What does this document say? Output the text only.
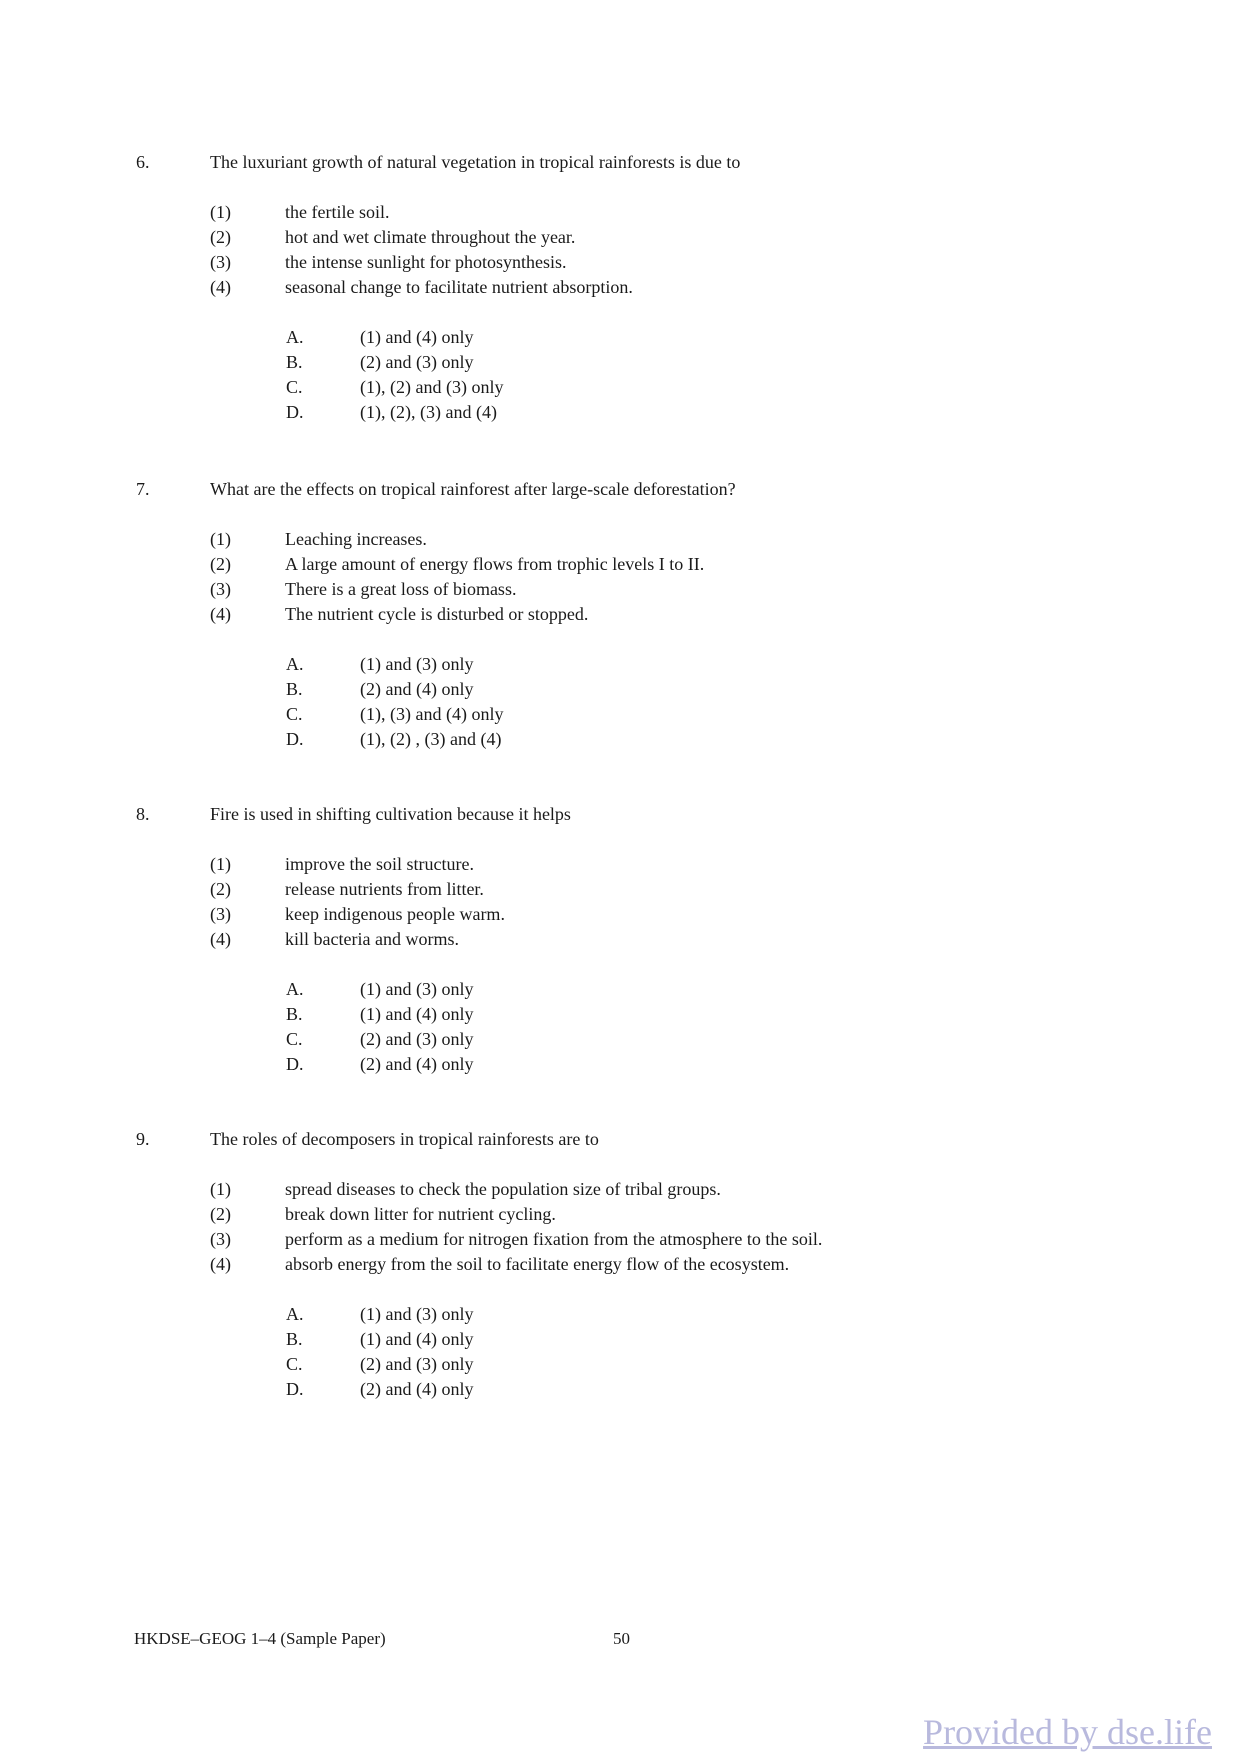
6.	The luxuriant growth of natural vegetation in tropical rainforests is due to
(1)	the fertile soil.
(2)	hot and wet climate throughout the year.
(3)	the intense sunlight for photosynthesis.
(4)	seasonal change to facilitate nutrient absorption.
A.	(1) and (4) only
B.	(2) and (3) only
C.	(1), (2) and (3) only
D.	(1), (2), (3) and (4)
7.	What are the effects on tropical rainforest after large-scale deforestation?
(1)	Leaching increases.
(2)	A large amount of energy flows from trophic levels I to II.
(3)	There is a great loss of biomass.
(4)	The nutrient cycle is disturbed or stopped.
A.	(1) and (3) only
B.	(2) and (4) only
C.	(1), (3) and (4) only
D.	(1), (2) , (3) and (4)
8.	Fire is used in shifting cultivation because it helps
(1)	improve the soil structure.
(2)	release nutrients from litter.
(3)	keep indigenous people warm.
(4)	kill bacteria and worms.
A.	(1) and (3) only
B.	(1) and (4) only
C.	(2) and (3) only
D.	(2) and (4) only
9.	The roles of decomposers in tropical rainforests are to
(1)	spread diseases to check the population size of tribal groups.
(2)	break down litter for nutrient cycling.
(3)	perform as a medium for nitrogen fixation from the atmosphere to the soil.
(4)	absorb energy from the soil to facilitate energy flow of the ecosystem.
A.	(1) and (3) only
B.	(1) and (4) only
C.	(2) and (3) only
D.	(2) and (4) only
HKDSE–GEOG 1–4 (Sample Paper)	50
Provided by dse.life
